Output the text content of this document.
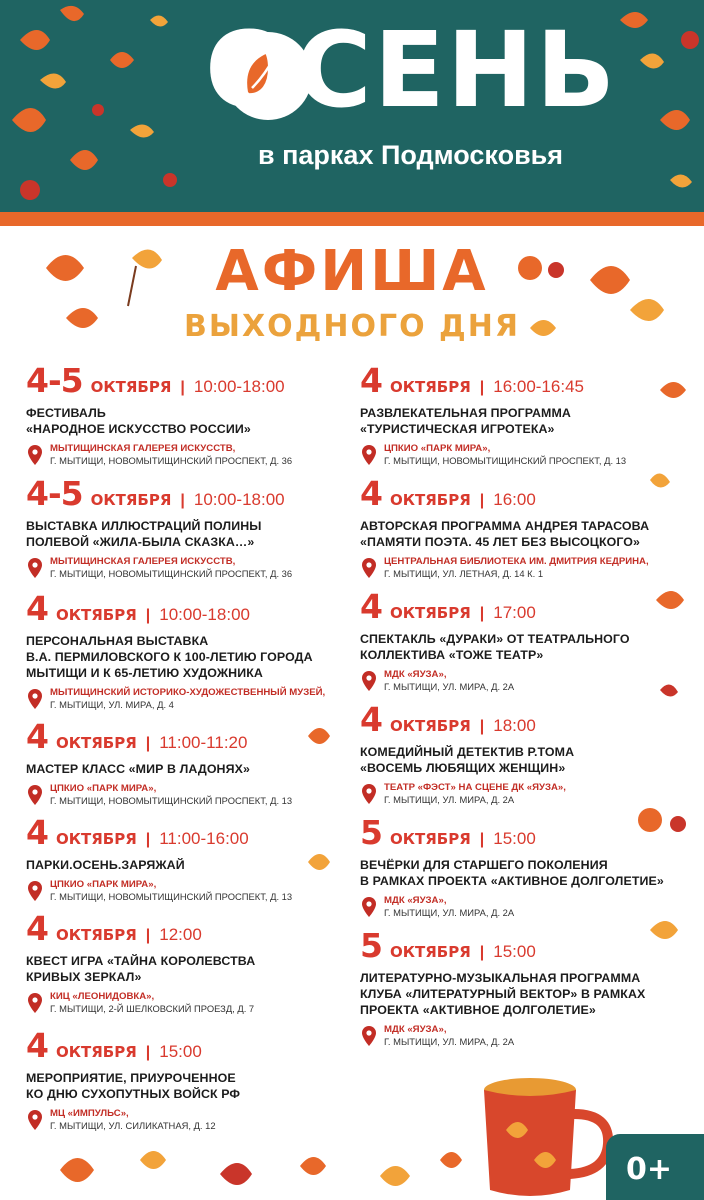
ОСЕНЬ
в парках Подмосковья
АФИША
ВЫХОДНОГО ДНЯ
4-5 ОКТЯБРЯ | 10:00-18:00
ФЕСТИВАЛЬ
«НАРОДНОЕ ИСКУССТВО РОССИИ»
МЫТИЩИНСКАЯ ГАЛЕРЕЯ ИСКУССТВ,
Г. МЫТИЩИ, НОВОМЫТИЩИНСКИЙ ПРОСПЕКТ, Д. 36
4-5 ОКТЯБРЯ | 10:00-18:00
ВЫСТАВКА ИЛЛЮСТРАЦИЙ ПОЛИНЫ
ПОЛЕВОЙ «ЖИЛА-БЫЛА СКАЗКА…»
МЫТИЩИНСКАЯ ГАЛЕРЕЯ ИСКУССТВ,
Г. МЫТИЩИ, НОВОМЫТИЩИНСКИЙ ПРОСПЕКТ, Д. 36
4 ОКТЯБРЯ | 10:00-18:00
ПЕРСОНАЛЬНАЯ ВЫСТАВКА
В.А. ПЕРМИЛОВСКОГО К 100-ЛЕТИЮ ГОРОДА
МЫТИЩИ И К 65-ЛЕТИЮ ХУДОЖНИКА
МЫТИЩИНСКИЙ ИСТОРИКО-ХУДОЖЕСТВЕННЫЙ МУЗЕЙ,
Г. МЫТИЩИ, УЛ. МИРА, Д. 4
4 ОКТЯБРЯ | 11:00-11:20
МАСТЕР КЛАСС «МИР В ЛАДОНЯХ»
ЦПКИО «ПАРК МИРА»,
Г. МЫТИЩИ, НОВОМЫТИЩИНСКИЙ ПРОСПЕКТ, Д. 13
4 ОКТЯБРЯ | 11:00-16:00
ПАРКИ.ОСЕНЬ.ЗАРЯЖАЙ
ЦПКИО «ПАРК МИРА»,
Г. МЫТИЩИ, НОВОМЫТИЩИНСКИЙ ПРОСПЕКТ, Д. 13
4 ОКТЯБРЯ | 12:00
КВЕСТ ИГРА «ТАЙНА КОРОЛЕВСТВА
КРИВЫХ ЗЕРКАЛ»
КИЦ «ЛЕОНИДОВКА»,
Г. МЫТИЩИ, 2-Й ШЕЛКОВСКИЙ ПРОЕЗД, Д. 7
4 ОКТЯБРЯ | 15:00
МЕРОПРИЯТИЕ, ПРИУРОЧЕННОЕ
КО ДНЮ СУХОПУТНЫХ ВОЙСК РФ
МЦ «ИМПУЛЬС»,
Г. МЫТИЩИ, УЛ. СИЛИКАТНАЯ, Д. 12
4 ОКТЯБРЯ | 16:00-16:45
РАЗВЛЕКАТЕЛЬНАЯ ПРОГРАММА
«ТУРИСТИЧЕСКАЯ ИГРОТЕКА»
ЦПКИО «ПАРК МИРА»,
Г. МЫТИЩИ, НОВОМЫТИЩИНСКИЙ ПРОСПЕКТ, Д. 13
4 ОКТЯБРЯ | 16:00
АВТОРСКАЯ ПРОГРАММА АНДРЕЯ ТАРАСОВА
«ПАМЯТИ ПОЭТА. 45 ЛЕТ БЕЗ ВЫСОЦКОГО»
ЦЕНТРАЛЬНАЯ БИБЛИОТЕКА ИМ. ДМИТРИЯ КЕДРИНА,
Г. МЫТИЩИ, УЛ. ЛЕТНАЯ, Д. 14 К. 1
4 ОКТЯБРЯ | 17:00
СПЕКТАКЛЬ «ДУРАКИ» ОТ ТЕАТРАЛЬНОГО
КОЛЛЕКТИВА «ТОЖЕ ТЕАТР»
МДК «ЯУЗА»,
Г. МЫТИЩИ, УЛ. МИРА, Д. 2А
4 ОКТЯБРЯ | 18:00
КОМЕДИЙНЫЙ ДЕТЕКТИВ Р.ТОМА
«ВОСЕМЬ ЛЮБЯЩИХ ЖЕНЩИН»
ТЕАТР «ФЭСТ» НА СЦЕНЕ ДК «ЯУЗА»,
Г. МЫТИЩИ, УЛ. МИРА, Д. 2А
5 ОКТЯБРЯ | 15:00
ВЕЧЁРКИ ДЛЯ СТАРШЕГО ПОКОЛЕНИЯ
В РАМКАХ ПРОЕКТА «АКТИВНОЕ ДОЛГОЛЕТИЕ»
МДК «ЯУЗА»,
Г. МЫТИЩИ, УЛ. МИРА, Д. 2А
5 ОКТЯБРЯ | 15:00
ЛИТЕРАТУРНО-МУЗЫКАЛЬНАЯ ПРОГРАММА
КЛУБА «ЛИТЕРАТУРНЫЙ ВЕКТОР» В РАМКАХ
ПРОЕКТА «АКТИВНОЕ ДОЛГОЛЕТИЕ»
МДК «ЯУЗА»,
Г. МЫТИЩИ, УЛ. МИРА, Д. 2А
0+
